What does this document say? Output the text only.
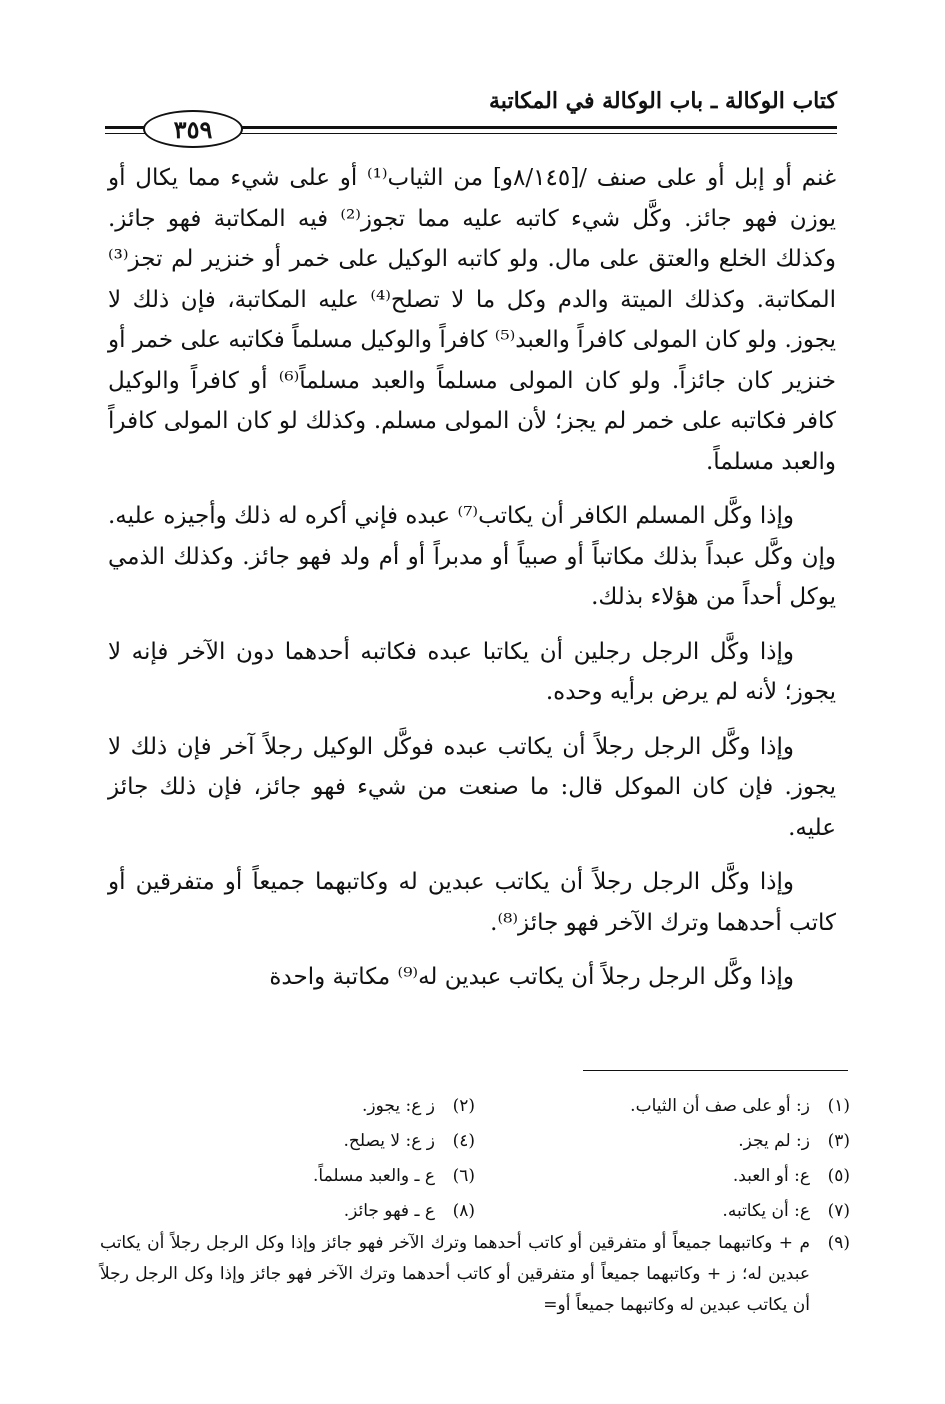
كتاب الوكالة ـ باب الوكالة في المكاتبة
٣٥٩

غنم أو إبل أو على صنف /[٨/١٤٥و] من الثياب⁽¹⁾ أو على شيء مما يكال أو يوزن فهو جائز. وكَّل شيء كاتبه عليه مما تجوز⁽²⁾ فيه المكاتبة فهو جائز. وكذلك الخلع والعتق على مال. ولو كاتبه الوكيل على خمر أو خنزير لم تجز⁽³⁾ المكاتبة. وكذلك الميتة والدم وكل ما لا تصلح⁽⁴⁾ عليه المكاتبة، فإن ذلك لا يجوز. ولو كان المولى كافراً والعبد⁽⁵⁾ كافراً والوكيل مسلماً فكاتبه على خمر أو خنزير كان جائزاً. ولو كان المولى مسلماً والعبد مسلماً⁽⁶⁾ أو كافراً والوكيل كافر فكاتبه على خمر لم يجز؛ لأن المولى مسلم. وكذلك لو كان المولى كافراً والعبد مسلماً.

وإذا وكَّل المسلم الكافر أن يكاتب⁽⁷⁾ عبده فإني أكره له ذلك وأجيزه عليه. وإن وكَّل عبداً بذلك مكاتباً أو صبياً أو مدبراً أو أم ولد فهو جائز. وكذلك الذمي يوكل أحداً من هؤلاء بذلك.

وإذا وكَّل الرجل رجلين أن يكاتبا عبده فكاتبه أحدهما دون الآخر فإنه لا يجوز؛ لأنه لم يرض برأيه وحده.

وإذا وكَّل الرجل رجلاً أن يكاتب عبده فوكَّل الوكيل رجلاً آخر فإن ذلك لا يجوز. فإن كان الموكل قال: ما صنعت من شيء فهو جائز، فإن ذلك جائز عليه.

وإذا وكَّل الرجل رجلاً أن يكاتب عبدين له وكاتبهما جميعاً أو متفرقين أو كاتب أحدهما وترك الآخر فهو جائز⁽⁸⁾.

وإذا وكَّل الرجل رجلاً أن يكاتب عبدين له⁽⁹⁾ مكاتبة واحدة

(١)ز: أو على صف أن الثياب.
(٢)ز ع: يجوز.
(٣)ز: لم يجز.
(٤)ز ع: لا يصلح.
(٥)ع: أو العبد.
(٦)ع ـ والعبد مسلماً.
(٧)ع: أن يكاتبه.
(٨)ع ـ فهو جائز.
(٩)
م + وكاتبهما جميعاً أو متفرقين أو كاتب أحدهما وترك الآخر فهو جائز وإذا وكل الرجل رجلاً أن يكاتب عبدين له؛ ز + وكاتبهما جميعاً أو متفرقين أو كاتب أحدهما وترك الآخر فهو جائز وإذا وكل الرجل رجلاً أن يكاتب عبدين له وكاتبهما جميعاً أو=
